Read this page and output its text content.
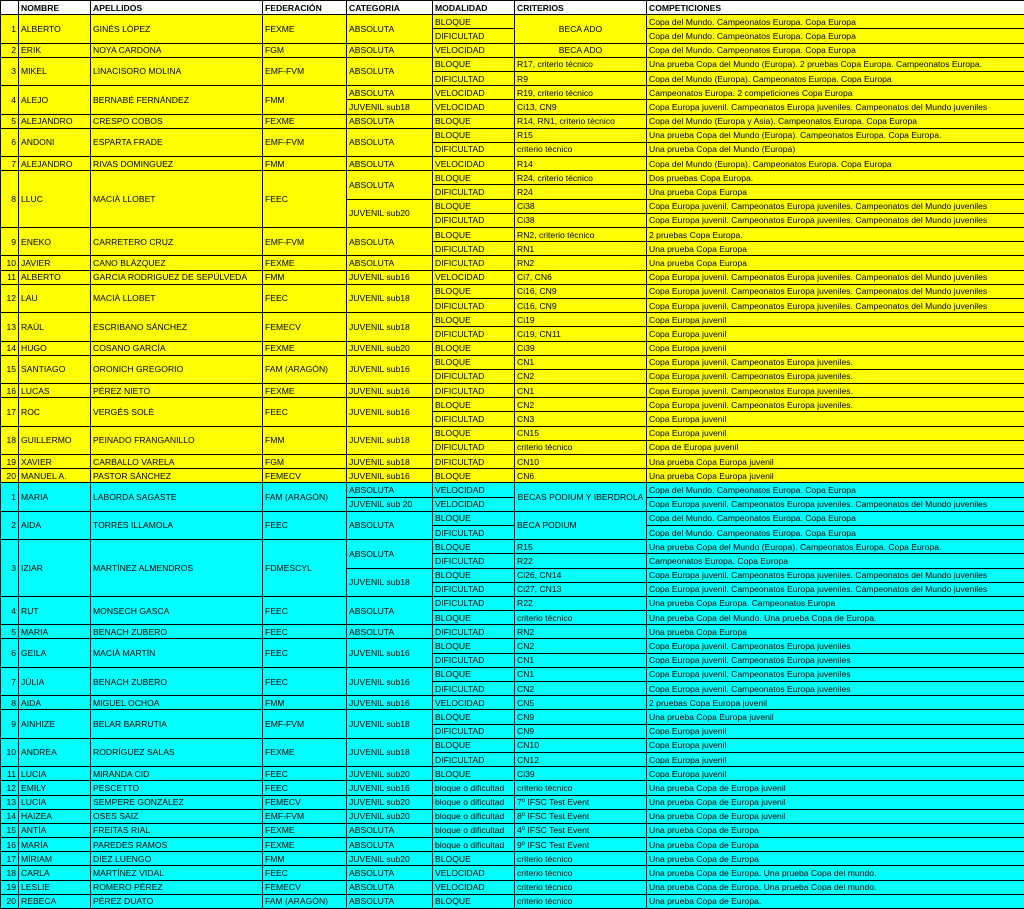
	NOMBRE	APELLIDOS	FEDERACIÓN	CATEGORIA	MODALIDAD	CRITERIOS	COMPETICIONES
1	ALBERTO	GINÉS LÓPEZ	FEXME	ABSOLUTA	BLOQUE	BECA ADO	Copa del Mundo. Campeonatos Europa. Copa Europa
					DIFICULTAD		Copa del Mundo. Campeonatos Europa. Copa Europa
2	ERIK	NOYA CARDONA	FGM	ABSOLUTA	VELOCIDAD	BECA ADO	Copa del Mundo. Campeonatos Europa. Copa Europa
3	MIKEL	LINACISORO MOLINA	EMF-FVM	ABSOLUTA	BLOQUE	R17, criterio técnico	Una prueba Copa del Mundo (Europa). 2 pruebas Copa Europa. Campeonatos Europa.
					DIFICULTAD	R9	Copa del Mundo (Europa). Campeonatos Europa. Copa Europa
4	ALEJO	BERNABÉ FERNÁNDEZ	FMM	ABSOLUTA	VELOCIDAD	R19, criterio técnico	Campeonatos Europa. 2 competiciones Copa Europa
				JUVENIL sub18	VELOCIDAD	Ci13, CN9	Copa Europa juvenil. Campeonatos Europa juveniles. Campeonatos del Mundo juveniles
5	ALEJANDRO	CRESPO COBOS	FEXME	ABSOLUTA	BLOQUE	R14, RN1, criterio técnico	Copa del Mundo (Europa y Asia). Campeonatos Europa. Copa Europa
6	ANDONI	ESPARTA FRADE	EMF-FVM	ABSOLUTA	BLOQUE	R15	Una prueba Copa del Mundo (Europa). Campeonatos Europa. Copa Europa.
					DIFICULTAD	criterio técnico	Una prueba Copa del Mundo (Europa)
7	ALEJANDRO	RIVAS DOMINGUEZ	FMM	ABSOLUTA	VELOCIDAD	R14	Copa del Mundo (Europa). Campeonatos Europa. Copa Europa
8	LLUC	MACIÀ LLOBET	FEEC	ABSOLUTA	BLOQUE	R24, criterio técnico	Dos pruebas Copa Europa.
					DIFICULTAD	R24	Una prueba Copa Europa
				JUVENIL sub20	BLOQUE	Ci38	Copa Europa juvenil. Campeonatos Europa juveniles. Campeonatos del Mundo juveniles
					DIFICULTAD	Ci38	Copa Europa juvenil. Campeonatos Europa juveniles. Campeonatos del Mundo juveniles
9	ENEKO	CARRETERO CRUZ	EMF-FVM	ABSOLUTA	BLOQUE	RN2, criterio técnico	2 pruebas Copa Europa.
					DIFICULTAD	RN1	Una prueba Copa Europa
10	JAVIER	CANO BLÁZQUEZ	FEXME	ABSOLUTA	DIFICULTAD	RN2	Una prueba Copa Europa
11	ALBERTO	GARCIA RODRIGUEZ DE SEPÚLVEDA	FMM	JUVENIL sub16	VELOCIDAD	Ci7, CN6	Copa Europa juvenil. Campeonatos Europa juveniles. Campeonatos del Mundo juveniles
12	LAU	MACIÀ LLOBET	FEEC	JUVENIL sub18	BLOQUE	Ci16, CN9	Copa Europa juvenil. Campeonatos Europa juveniles. Campeonatos del Mundo juveniles
					DIFICULTAD	Ci16, CN9	Copa Europa juvenil. Campeonatos Europa juveniles. Campeonatos del Mundo juveniles
13	RAÚL	ESCRIBANO SÁNCHEZ	FEMECV	JUVENIL sub18	BLOQUE	Ci19	Copa Europa juvenil
					DIFICULTAD	Ci19, CN11	Copa Europa juvenil
14	HUGO	COSANO GARCÍA	FEXME	JUVENIL sub20	BLOQUE	Ci39	Copa Europa juvenil
15	SANTIAGO	ORONICH GREGORIO	FAM (ARAGÓN)	JUVENIL sub16	BLOQUE	CN1	Copa Europa juvenil. Campeonatos Europa juveniles.
					DIFICULTAD	CN2	Copa Europa juvenil. Campeonatos Europa juveniles.
16	LUCAS	PÉREZ NIETO	FEXME	JUVENIL sub16	DIFICULTAD	CN1	Copa Europa juvenil. Campeonatos Europa juveniles.
17	ROC	VERGÉS SOLÉ	FEEC	JUVENIL sub16	BLOQUE	CN2	Copa Europa juvenil. Campeonatos Europa juveniles.
					DIFICULTAD	CN3	Copa Europa juvenil
18	GUILLERMO	PEINADO FRANGANILLO	FMM	JUVENIL sub18	BLOQUE	CN15	Copa Europa juvenil
					DIFICULTAD	criterio técnico	Copa de Europa juvenil
19	XAVIER	CARBALLO VARELA	FGM	JUVENIL sub18	DIFICULTAD	CN10	Una prueba Copa Europa juvenil
20	MANUEL A.	PASTOR SÁNCHEZ	FEMECV	JUVENIL sub16	BLOQUE	CN6	Una prueba Copa Europa juvenil
1	MARIA	LABORDA SAGASTE	FAM (ARAGÓN)	ABSOLUTA	VELOCIDAD	BECAS PODIUM Y IBERDROLA	Copa del Mundo. Campeonatos Europa. Copa Europa
				JUVENIL sub 20	VELOCIDAD		Copa Europa juvenil. Campeonatos Europa juveniles. Campeonatos del Mundo juveniles
2	AIDA	TORRES ILLAMOLA	FEEC	ABSOLUTA	BLOQUE	BECA PODIUM	Copa del Mundo. Campeonatos Europa. Copa Europa
					DIFICULTAD		Copa del Mundo. Campeonatos Europa. Copa Europa
3	IZIAR	MARTÍNEZ ALMENDROS	FDMESCYL	ABSOLUTA	BLOQUE	R15	Una prueba Copa del Mundo (Europa). Campeonatos Europa. Copa Europa.
					DIFICULTAD	R22	Campeonatos Europa. Copa Europa
				JUVENIL sub18	BLOQUE	Ci26, CN14	Copa Europa juvenil. Campeonatos Europa juveniles. Campeonatos del Mundo juveniles
					DIFICULTAD	Ci27, CN13	Copa Europa juvenil. Campeonatos Europa juveniles. Campeonatos del Mundo juveniles
4	RUT	MONSECH GASCA	FEEC	ABSOLUTA	DIFICULTAD	R22	Una prueba Copa Europa. Campeonatos Europa
					BLOQUE	criterio técnico	Una prueba Copa del Mundo. Una prueba Copa de Europa.
5	MARIA	BENACH ZUBERO	FEEC	ABSOLUTA	DIFICULTAD	RN2	Una prueba Copa Europa
6	GEILA	MACIÀ MARTÍN	FEEC	JUVENIL sub16	BLOQUE	CN2	Copa Europa juvenil. Campeonatos Europa juveniles
					DIFICULTAD	CN1	Copa Europa juvenil. Campeonatos Europa juveniles
7	JÚLIA	BENACH ZUBERO	FEEC	JUVENIL sub16	BLOQUE	CN1	Copa Europa juvenil. Campeonatos Europa juveniles
					DIFICULTAD	CN2	Copa Europa juvenil. Campeonatos Europa juveniles
8	AIDA	MIGUEL OCHOA	FMM	JUVENIL sub16	VELOCIDAD	CN5	2 pruebas Copa Europa juvenil
9	AINHIZE	BELAR BARRUTIA	EMF-FVM	JUVENIL sub18	BLOQUE	CN9	Una prueba Copa Europa juvenil
					DIFICULTAD	CN9	Copa Europa juvenil
10	ANDREA	RODRÍGUEZ SALAS	FEXME	JUVENIL sub18	BLOQUE	CN10	Copa Europa juvenil
					DIFICULTAD	CN12	Copa Europa juvenil
11	LUCIA	MIRANDA CID	FEEC	JUVENIL sub20	BLOQUE	Ci39	Copa Europa juvenil
12	EMILY	PESCETTO	FEEC	JUVENIL sub16	bloque o dificultad	criterio técnico	Una prueba Copa de Europa juvenil
13	LUCIA	SEMPERE GONZÁLEZ	FEMECV	JUVENIL sub20	bloque o dificultad	7º IFSC Test Event	Una prueba Copa de Europa juvenil
14	HAIZEA	OSES SAIZ	EMF-FVM	JUVENIL sub20	bloque o dificultad	8º IFSC Test Event	Una prueba Copa de Europa juvenil
15	ANTÍA	FREITAS RIAL	FEXME	ABSOLUTA	bloque o dificultad	4º IFSC Test Event	Una prueba Copa de Europa
16	MARÍA	PAREDES RAMOS	FEXME	ABSOLUTA	bloque o dificultad	9º IFSC Test Event	Una prueba Copa de Europa
17	MÍRIAM	DÍEZ LUENGO	FMM	JUVENIL sub20	BLOQUE	criterio técnico	Una prueba Copa de Europa
18	CARLA	MARTÍNEZ VIDAL	FEEC	ABSOLUTA	VELOCIDAD	criterio técnico	Una prueba Copa de Europa. Una prueba Copa del mundo.
19	LESLIE	ROMERO PÉREZ	FEMECV	ABSOLUTA	VELOCIDAD	criterio técnico	Una prueba Copa de Europa. Una prueba Copa del mundo.
20	REBECA	PÉREZ DUATO	FAM (ARAGÓN)	ABSOLUTA	BLOQUE	criterio técnico	Una prueba Copa de Europa.
